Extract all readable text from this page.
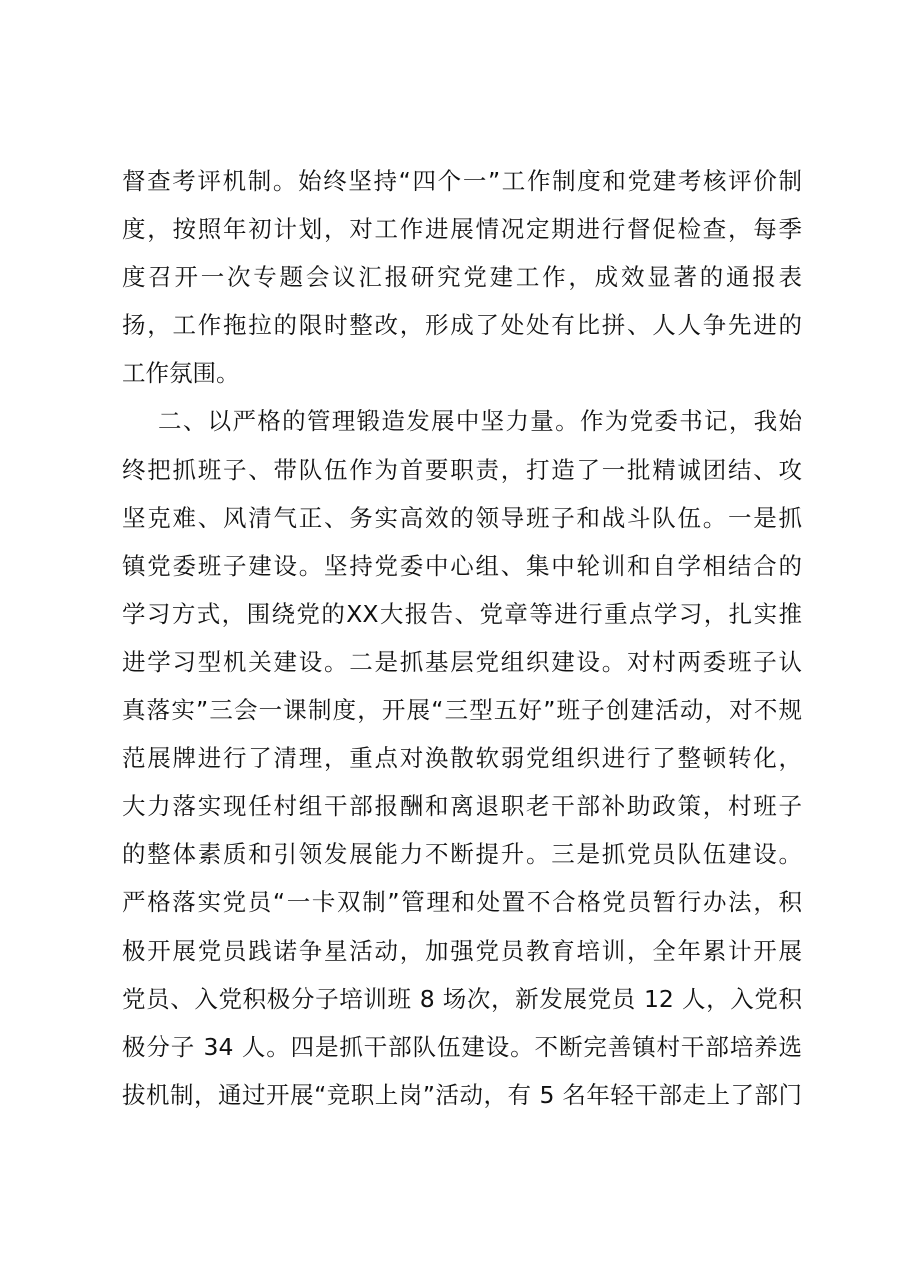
督查考评机制。始终坚持“四个一”工作制度和党建考核评价制
度，按照年初计划，对工作进展情况定期进行督促检查，每季
度召开一次专题会议汇报研究党建工作，成效显著的通报表
扬，工作拖拉的限时整改，形成了处处有比拼、人人争先进的
工作氛围。
二、以严格的管理锻造发展中坚力量。作为党委书记，我始
终把抓班子、带队伍作为首要职责，打造了一批精诚团结、攻
坚克难、风清气正、务实高效的领导班子和战斗队伍。一是抓
镇党委班子建设。坚持党委中心组、集中轮训和自学相结合的
学习方式，围绕党的XX大报告、党章等进行重点学习，扎实推
进学习型机关建设。二是抓基层党组织建设。对村两委班子认
真落实”三会一课制度，开展“三型五好”班子创建活动，对不规
范展牌进行了清理，重点对涣散软弱党组织进行了整顿转化，
大力落实现任村组干部报酬和离退职老干部补助政策，村班子
的整体素质和引领发展能力不断提升。三是抓党员队伍建设。
严格落实党员“一卡双制”管理和处置不合格党员暂行办法，积
极开展党员践诺争星活动，加强党员教育培训，全年累计开展
党员、入党积极分子培训班 8 场次，新发展党员 12 人，入党积
极分子 34 人。四是抓干部队伍建设。不断完善镇村干部培养选
拔机制，通过开展“竞职上岗”活动，有 5 名年轻干部走上了部门
